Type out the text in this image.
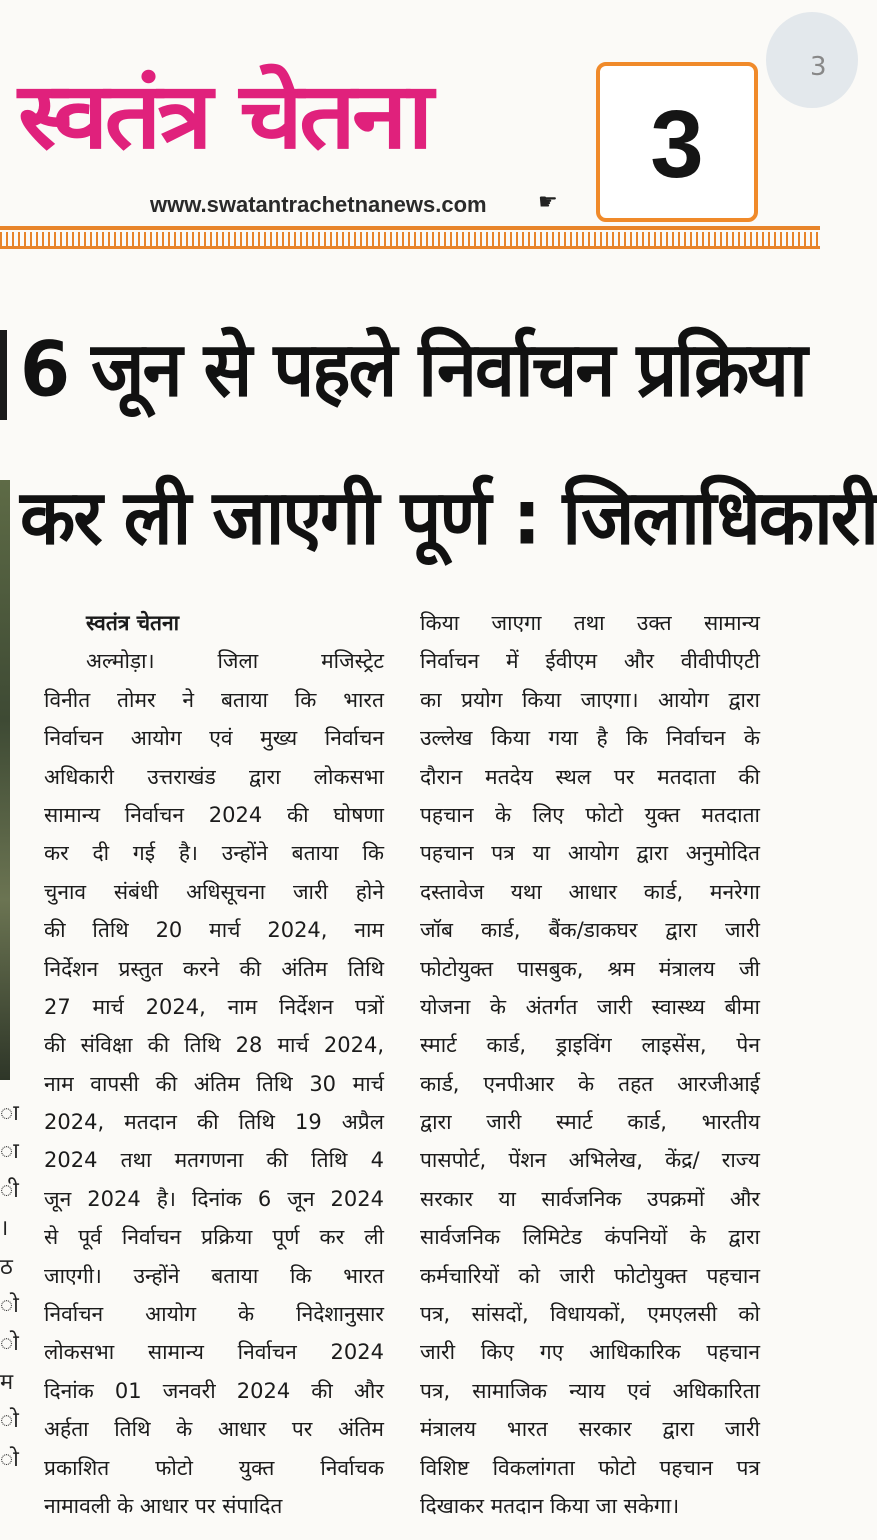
3
स्वतंत्र चेतना
www.swatantrachetnanews.com ☛
3
ा
ा
ी
।
ठ
ो
ो
म
ो
ो
6 जून से पहले निर्वाचन प्रक्रिया
कर ली जाएगी पूर्ण : जिलाधिकारी
स्वतंत्र चेतना
अल्मोड़ा। जिला मजिस्ट्रेट
विनीत तोमर ने बताया कि भारत
निर्वाचन आयोग एवं मुख्य निर्वाचन
अधिकारी उत्तराखंड द्वारा लोकसभा
सामान्य निर्वाचन 2024 की घोषणा
कर दी गई है। उन्होंने बताया कि
चुनाव संबंधी अधिसूचना जारी होने
की तिथि 20 मार्च 2024, नाम
निर्देशन प्रस्तुत करने की अंतिम तिथि
27 मार्च 2024, नाम निर्देशन पत्रों
की संविक्षा की तिथि 28 मार्च 2024,
नाम वापसी की अंतिम तिथि 30 मार्च
2024, मतदान की तिथि 19 अप्रैल
2024 तथा मतगणना की तिथि 4
जून 2024 है। दिनांक 6 जून 2024
से पूर्व निर्वाचन प्रक्रिया पूर्ण कर ली
जाएगी। उन्होंने बताया कि भारत
निर्वाचन आयोग के निदेशानुसार
लोकसभा सामान्य निर्वाचन 2024
दिनांक 01 जनवरी 2024 की और
अर्हता तिथि के आधार पर अंतिम
प्रकाशित फोटो युक्त निर्वाचक
नामावली के आधार पर संपादित
किया जाएगा तथा उक्त सामान्य
निर्वाचन में ईवीएम और वीवीपीएटी
का प्रयोग किया जाएगा। आयोग द्वारा
उल्लेख किया गया है कि निर्वाचन के
दौरान मतदेय स्थल पर मतदाता की
पहचान के लिए फोटो युक्त मतदाता
पहचान पत्र या आयोग द्वारा अनुमोदित
दस्तावेज यथा आधार कार्ड, मनरेगा
जॉब कार्ड, बैंक/डाकघर द्वारा जारी
फोटोयुक्त पासबुक, श्रम मंत्रालय जी
योजना के अंतर्गत जारी स्वास्थ्य बीमा
स्मार्ट कार्ड, ड्राइविंग लाइसेंस, पेन
कार्ड, एनपीआर के तहत आरजीआई
द्वारा जारी स्मार्ट कार्ड, भारतीय
पासपोर्ट, पेंशन अभिलेख, केंद्र/ राज्य
सरकार या सार्वजनिक उपक्रमों और
सार्वजनिक लिमिटेड कंपनियों के द्वारा
कर्मचारियों को जारी फोटोयुक्त पहचान
पत्र, सांसदों, विधायकों, एमएलसी को
जारी किए गए आधिकारिक पहचान
पत्र, सामाजिक न्याय एवं अधिकारिता
मंत्रालय भारत सरकार द्वारा जारी
विशिष्ट विकलांगता फोटो पहचान पत्र
दिखाकर मतदान किया जा सकेगा।
